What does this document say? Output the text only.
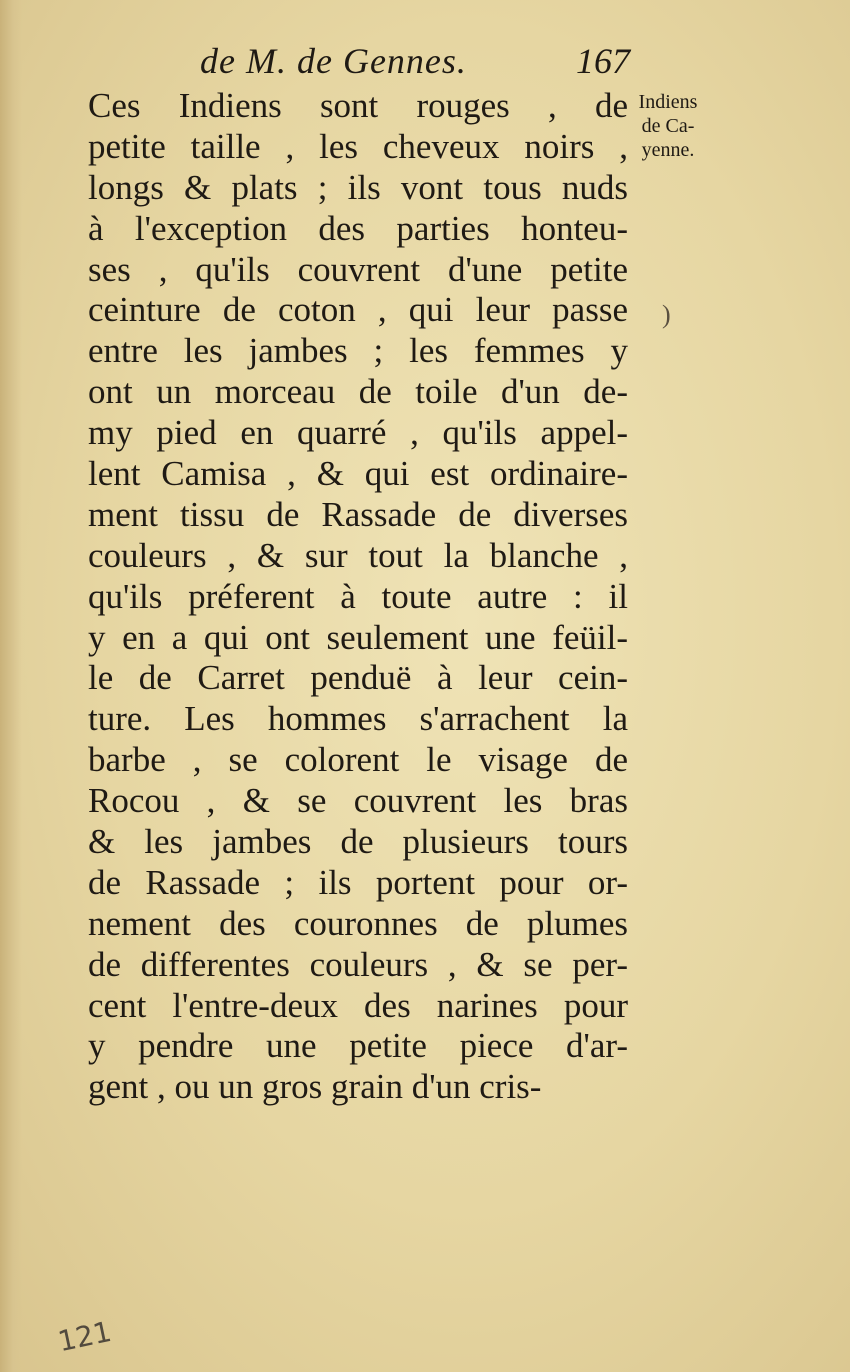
de M. de Gennes.	167
Indiens
de Ca-
yenne.
)
Ces Indiens sont rouges , de
petite taille , les cheveux noirs ,
longs & plats ; ils vont tous nuds
à l'exception des parties honteu-
ses , qu'ils couvrent d'une petite
ceinture de coton , qui leur passe
entre les jambes ; les femmes y
ont un morceau de toile d'un de-
my pied en quarré , qu'ils appel-
lent Camisa , & qui est ordinaire-
ment tissu de Rassade de diverses
couleurs , & sur tout la blanche ,
qu'ils préferent à toute autre : il
y en a qui ont seulement une feüil-
le de Carret penduë à leur cein-
ture. Les hommes s'arrachent la
barbe , se colorent le visage de
Rocou , & se couvrent les bras
& les jambes de plusieurs tours
de Rassade ; ils portent pour or-
nement des couronnes de plumes
de differentes couleurs , & se per-
cent l'entre-deux des narines pour
y pendre une petite piece d'ar-
gent , ou un gros grain d'un cris-
121
